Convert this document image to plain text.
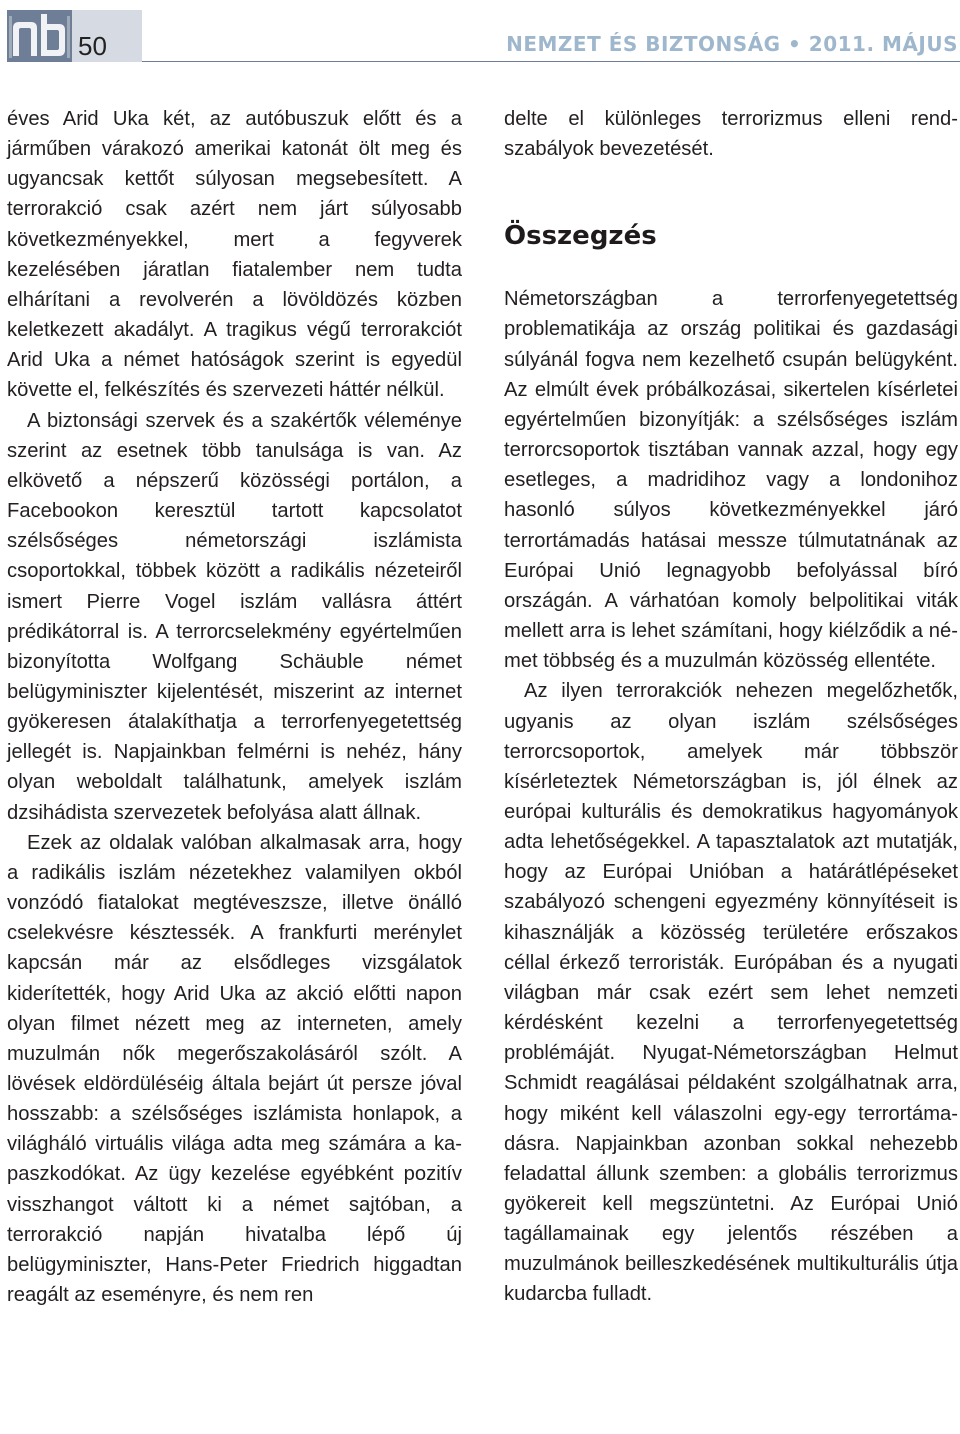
50	NEMZET ÉS BIZTONSÁG • 2011. MÁJUS

éves Arid Uka két, az autóbuszuk előtt és a járműben várakozó amerikai katonát ölt meg és ugyancsak kettőt súlyosan megsebesített. A terrorakció csak azért nem járt súlyosabb következményekkel, mert a fegyverek kezelésében járatlan fiatalember nem tudta elhárítani a revolverén a lövöldözés közben keletkezett akadályt. A tragikus végű terrorakciót Arid Uka a német hatóságok szerint is egyedül követte el, felkészítés és szervezeti háttér nélkül.

A biztonsági szervek és a szakértők véleménye szerint az esetnek több tanulsága is van. Az elkövető a népszerű közösségi portálon, a Facebookon keresztül tartott kapcsolatot szélsőséges németországi iszlámista csoportokkal, többek között a radikális nézeteiről ismert Pierre Vogel iszlám vallásra áttért prédikátorral is. A terrorcselekmény egyértelműen bizonyította Wolfgang Schäuble német belügyminiszter kijelentését, miszerint az internet gyökeresen átalakíthatja a terrorfenyegetettség jellegét is. Napjainkban felmérni is nehéz, hány olyan weboldalt találhatunk, amelyek iszlám dzsihádista szervezetek befolyása alatt állnak.

Ezek az oldalak valóban alkalmasak arra, hogy a radikális iszlám nézetekhez valamilyen okból vonzódó fiatalokat megtéveszsze, illetve önálló cselekvésre késztessék. A frankfurti merénylet kapcsán már az elsődleges vizsgálatok kiderítették, hogy Arid Uka az akció előtti napon olyan filmet nézett meg az interneten, amely muzulmán nők megerőszakolásáról szólt. A lövések eldördüléséig általa bejárt út persze jóval hosszabb: a szélsőséges iszlámista honlapok, a világháló virtuális világa adta meg számára a kapaszkodókat. Az ügy kezelése egyébként pozitív visszhangot váltott ki a német sajtóban, a terrorakció napján hivatalba lépő új belügyminiszter, Hans-Peter Friedrich higgadtan reagált az eseményre, és nem ren

delte el különleges terrorizmus elleni rendszabályok bevezetését.

Összegzés

Németországban a terrorfenyegetettség problematikája az ország politikai és gazdasági súlyánál fogva nem kezelhető csupán belügyként. Az elmúlt évek próbálkozásai, sikertelen kísérletei egyértelműen bizonyítják: a szélsőséges iszlám terrorcsoportok tisztában vannak azzal, hogy egy esetleges, a madridihoz vagy a londonihoz hasonló súlyos következményekkel járó terrortámadás hatásai messze túlmutatnának az Európai Unió legnagyobb befolyással bíró országán. A várhatóan komoly belpolitikai viták mellett arra is lehet számítani, hogy kiélződik a német többség és a muzulmán közösség ellentéte.

Az ilyen terrorakciók nehezen megelőzhetők, ugyanis az olyan iszlám szélsőséges terrorcsoportok, amelyek már többször kísérleteztek Németországban is, jól élnek az európai kulturális és demokratikus hagyományok adta lehetőségekkel. A tapasztalatok azt mutatják, hogy az Európai Unióban a határátlépéseket szabályozó schengeni egyezmény könnyítéseit is kihasználják a közösség területére erőszakos céllal érkező terroristák. Európában és a nyugati világban már csak ezért sem lehet nemzeti kérdésként kezelni a terrorfenyegetettség problémáját. Nyugat-Németországban Helmut Schmidt reagálásai példaként szolgálhatnak arra, hogy miként kell válaszolni egy-egy terrortámadásra. Napjainkban azonban sokkal nehezebb feladattal állunk szemben: a globális terrorizmus gyökereit kell megszüntetni. Az Európai Unió tagállamainak egy jelentős részében a muzulmánok beilleszkedésének multikulturális útja kudarcba fulladt.
